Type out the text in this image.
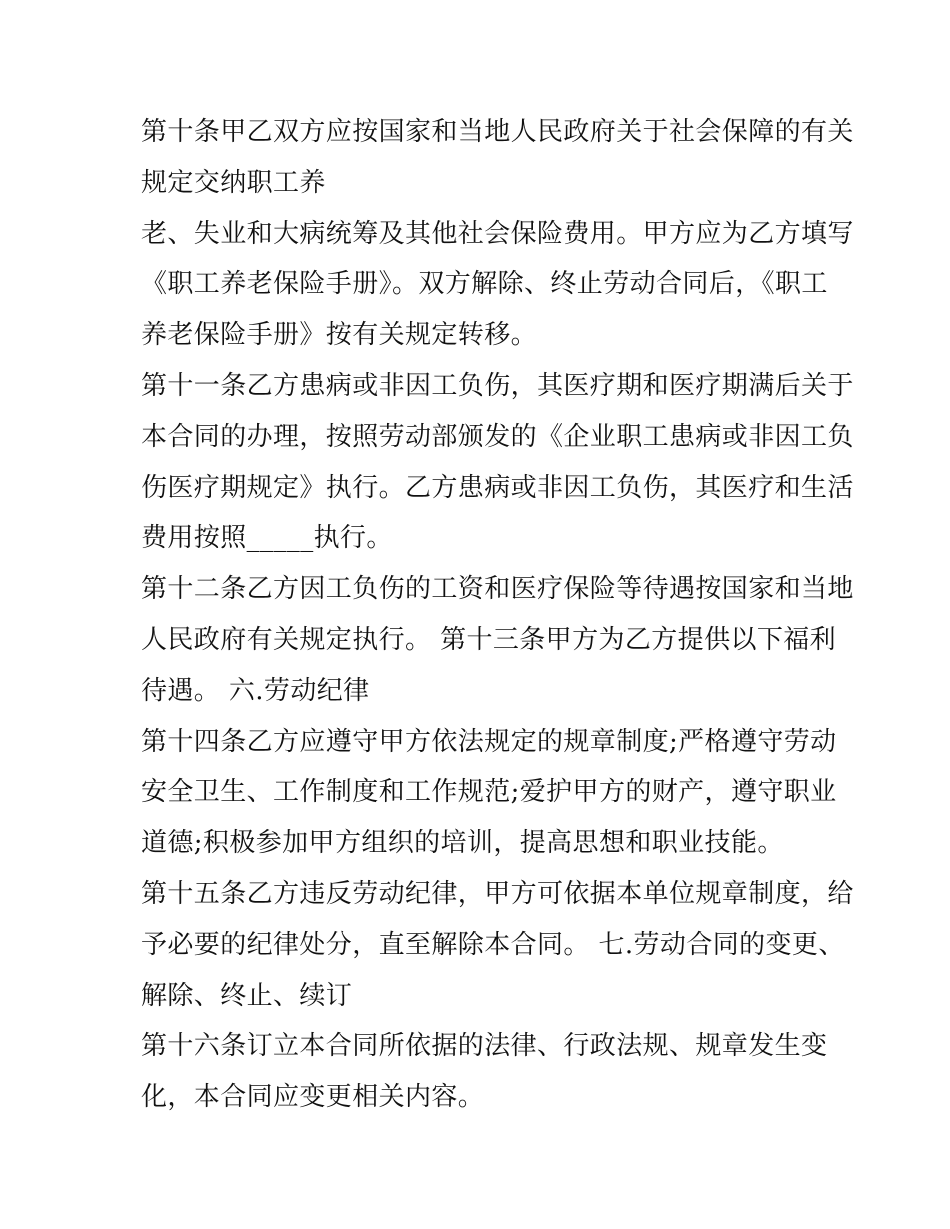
第十条甲乙双方应按国家和当地人民政府关于社会保障的有关
规定交纳职工养
老、失业和大病统筹及其他社会保险费用。甲方应为乙方填写
《职工养老保险手册》。双方解除、终止劳动合同后，《职工
养老保险手册》按有关规定转移。
第十一条乙方患病或非因工负伤，其医疗期和医疗期满后关于
本合同的办理，按照劳动部颁发的《企业职工患病或非因工负
伤医疗期规定》执行。乙方患病或非因工负伤，其医疗和生活
费用按照_____执行。
第十二条乙方因工负伤的工资和医疗保险等待遇按国家和当地
人民政府有关规定执行。 第十三条甲方为乙方提供以下福利
待遇。 六.劳动纪律
第十四条乙方应遵守甲方依法规定的规章制度;严格遵守劳动
安全卫生、工作制度和工作规范;爱护甲方的财产，遵守职业
道德;积极参加甲方组织的培训，提高思想和职业技能。
第十五条乙方违反劳动纪律，甲方可依据本单位规章制度，给
予必要的纪律处分，直至解除本合同。 七.劳动合同的变更、
解除、终止、续订
第十六条订立本合同所依据的法律、行政法规、规章发生变
化，本合同应变更相关内容。
